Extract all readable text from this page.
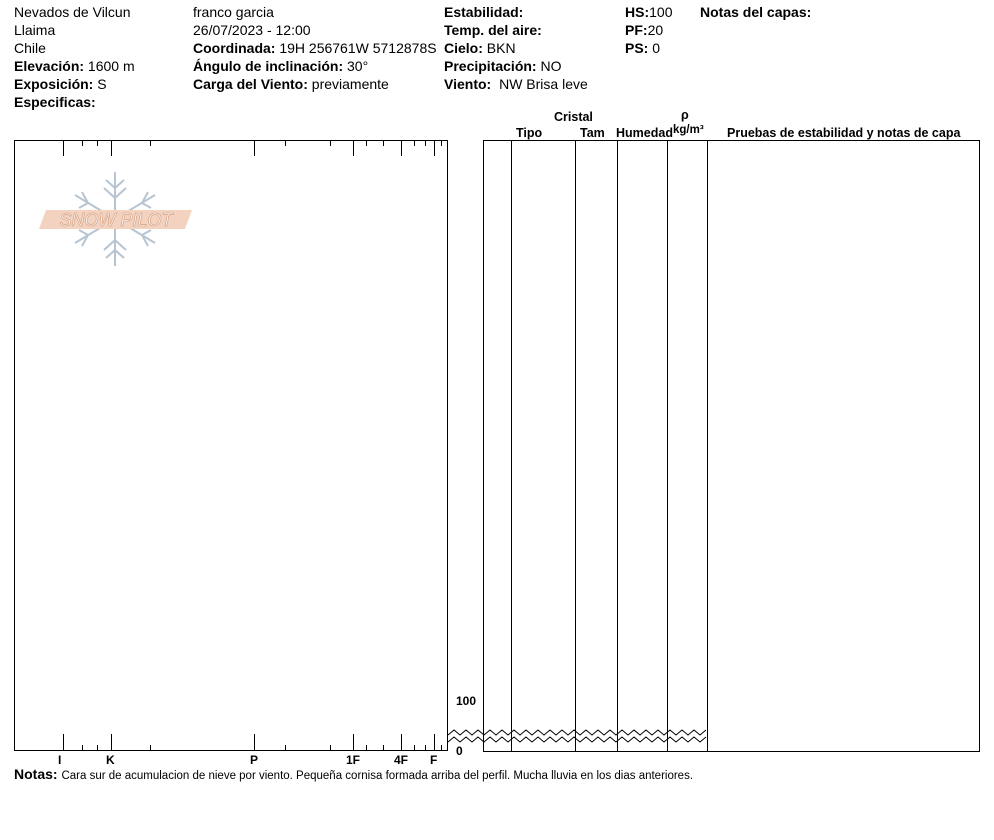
Nevados de Vilcun
Llaima
Chile
Elevación: 1600 m
Exposición: S
Especificas:
franco garcia
26/07/2023 - 12:00
Coordinada: 19H 256761W 5712878S
Ángulo de inclinación: 30°
Carga del Viento: previamente
Estabilidad:
Temp. del aire:
Cielo: BKN
Precipitación: NO
Viento: NW Brisa leve
HS:100
PF:20
PS: 0
Notas del capas:
Cristal
Tipo	Tam Humedad
ρ
kg/m³ Pruebas de estabilidad y notas de capa
SNOW PILOT
I	K	P	1F	4F F
100
0
Notas: Cara sur de acumulacion de nieve por viento. Pequeña cornisa formada arriba del perfil. Mucha lluvia en los dias anteriores.
